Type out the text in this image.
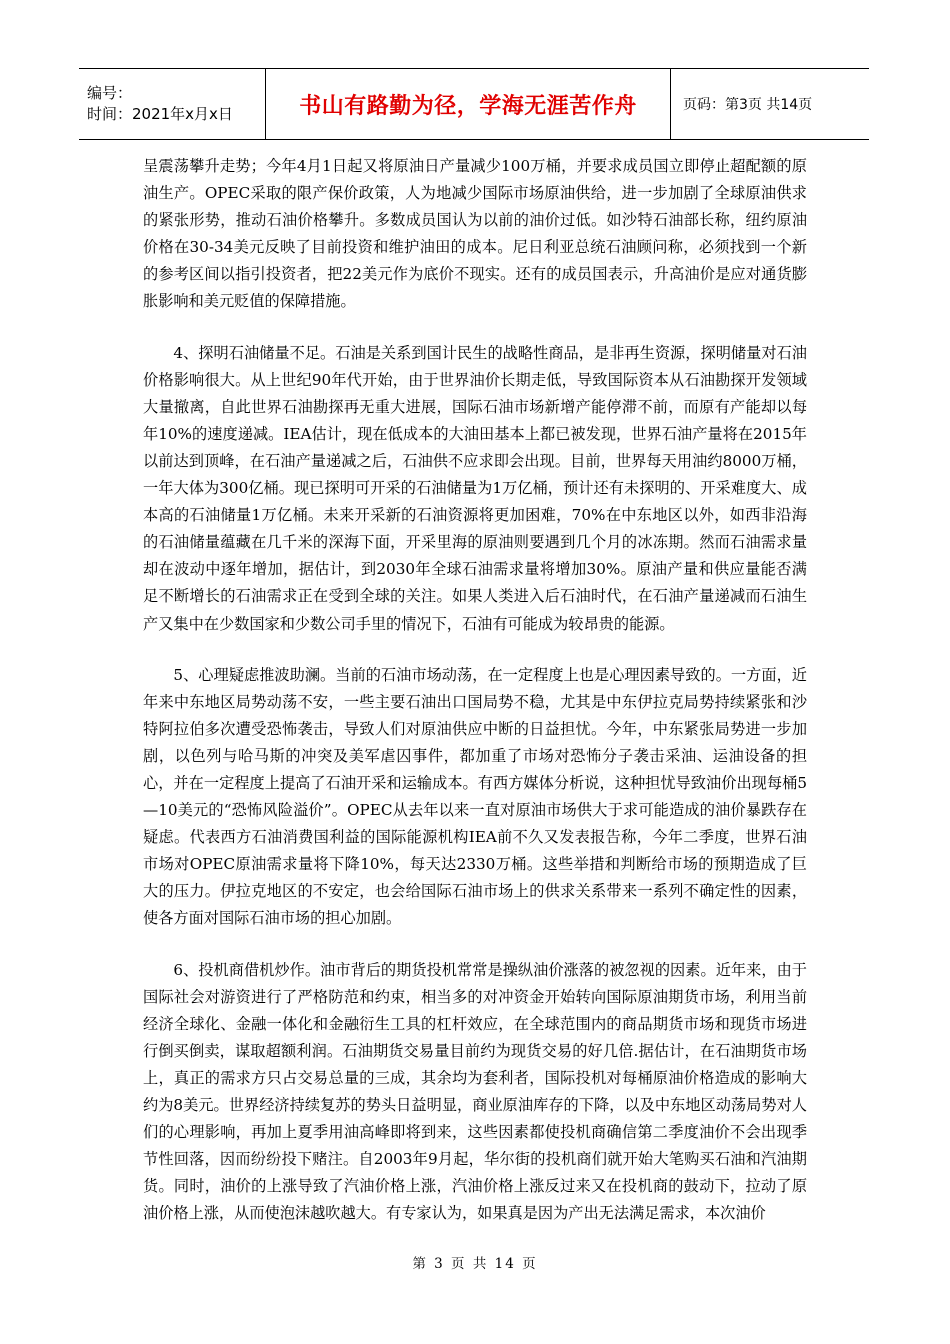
编号：
时间：2021年x月x日	书山有路勤为径，学海无涯苦作舟	页码：第3页 共14页

呈震荡攀升走势；今年4月1日起又将原油日产量减少100万桶，并要求成员国立即停止超配额的原油生产。OPEC采取的限产保价政策，人为地减少国际市场原油供给，进一步加剧了全球原油供求的紧张形势，推动石油价格攀升。多数成员国认为以前的油价过低。如沙特石油部长称，纽约原油价格在30-34美元反映了目前投资和维护油田的成本。尼日利亚总统石油顾问称，必须找到一个新的参考区间以指引投资者，把22美元作为底价不现实。还有的成员国表示，升高油价是应对通货膨胀影响和美元贬值的保障措施。

4、探明石油储量不足。石油是关系到国计民生的战略性商品，是非再生资源，探明储量对石油价格影响很大。从上世纪90年代开始，由于世界油价长期走低，导致国际资本从石油勘探开发领域大量撤离，自此世界石油勘探再无重大进展，国际石油市场新增产能停滞不前，而原有产能却以每年10%的速度递减。IEA估计，现在低成本的大油田基本上都已被发现，世界石油产量将在2015年以前达到顶峰，在石油产量递减之后，石油供不应求即会出现。目前，世界每天用油约8000万桶，一年大体为300亿桶。现已探明可开采的石油储量为1万亿桶，预计还有未探明的、开采难度大、成本高的石油储量1万亿桶。未来开采新的石油资源将更加困难，70%在中东地区以外，如西非沿海的石油储量蕴藏在几千米的深海下面，开采里海的原油则要遇到几个月的冰冻期。然而石油需求量却在波动中逐年增加，据估计，到2030年全球石油需求量将增加30%。原油产量和供应量能否满足不断增长的石油需求正在受到全球的关注。如果人类进入后石油时代，在石油产量递减而石油生产又集中在少数国家和少数公司手里的情况下，石油有可能成为较昂贵的能源。

5、心理疑虑推波助澜。当前的石油市场动荡，在一定程度上也是心理因素导致的。一方面，近年来中东地区局势动荡不安，一些主要石油出口国局势不稳，尤其是中东伊拉克局势持续紧张和沙特阿拉伯多次遭受恐怖袭击，导致人们对原油供应中断的日益担忧。今年，中东紧张局势进一步加剧，以色列与哈马斯的冲突及美军虐囚事件，都加重了市场对恐怖分子袭击采油、运油设备的担心，并在一定程度上提高了石油开采和运输成本。有西方媒体分析说，这种担忧导致油价出现每桶5—10美元的“恐怖风险溢价”。OPEC从去年以来一直对原油市场供大于求可能造成的油价暴跌存在疑虑。代表西方石油消费国利益的国际能源机构IEA前不久又发表报告称，今年二季度，世界石油市场对OPEC原油需求量将下降10%，每天达2330万桶。这些举措和判断给市场的预期造成了巨大的压力。伊拉克地区的不安定，也会给国际石油市场上的供求关系带来一系列不确定性的因素，使各方面对国际石油市场的担心加剧。

6、投机商借机炒作。油市背后的期货投机常常是操纵油价涨落的被忽视的因素。近年来，由于国际社会对游资进行了严格防范和约束，相当多的对冲资金开始转向国际原油期货市场，利用当前经济全球化、金融一体化和金融衍生工具的杠杆效应，在全球范围内的商品期货市场和现货市场进行倒买倒卖，谋取超额利润。石油期货交易量目前约为现货交易的好几倍.据估计，在石油期货市场上，真正的需求方只占交易总量的三成，其余均为套利者，国际投机对每桶原油价格造成的影响大约为8美元。世界经济持续复苏的势头日益明显，商业原油库存的下降，以及中东地区动荡局势对人们的心理影响，再加上夏季用油高峰即将到来，这些因素都使投机商确信第二季度油价不会出现季节性回落，因而纷纷投下赌注。自2003年9月起，华尔街的投机商们就开始大笔购买石油和汽油期货。同时，油价的上涨导致了汽油价格上涨，汽油价格上涨反过来又在投机商的鼓动下，拉动了原油价格上涨，从而使泡沫越吹越大。有专家认为，如果真是因为产出无法满足需求，本次油价

第 3 页 共 14 页
